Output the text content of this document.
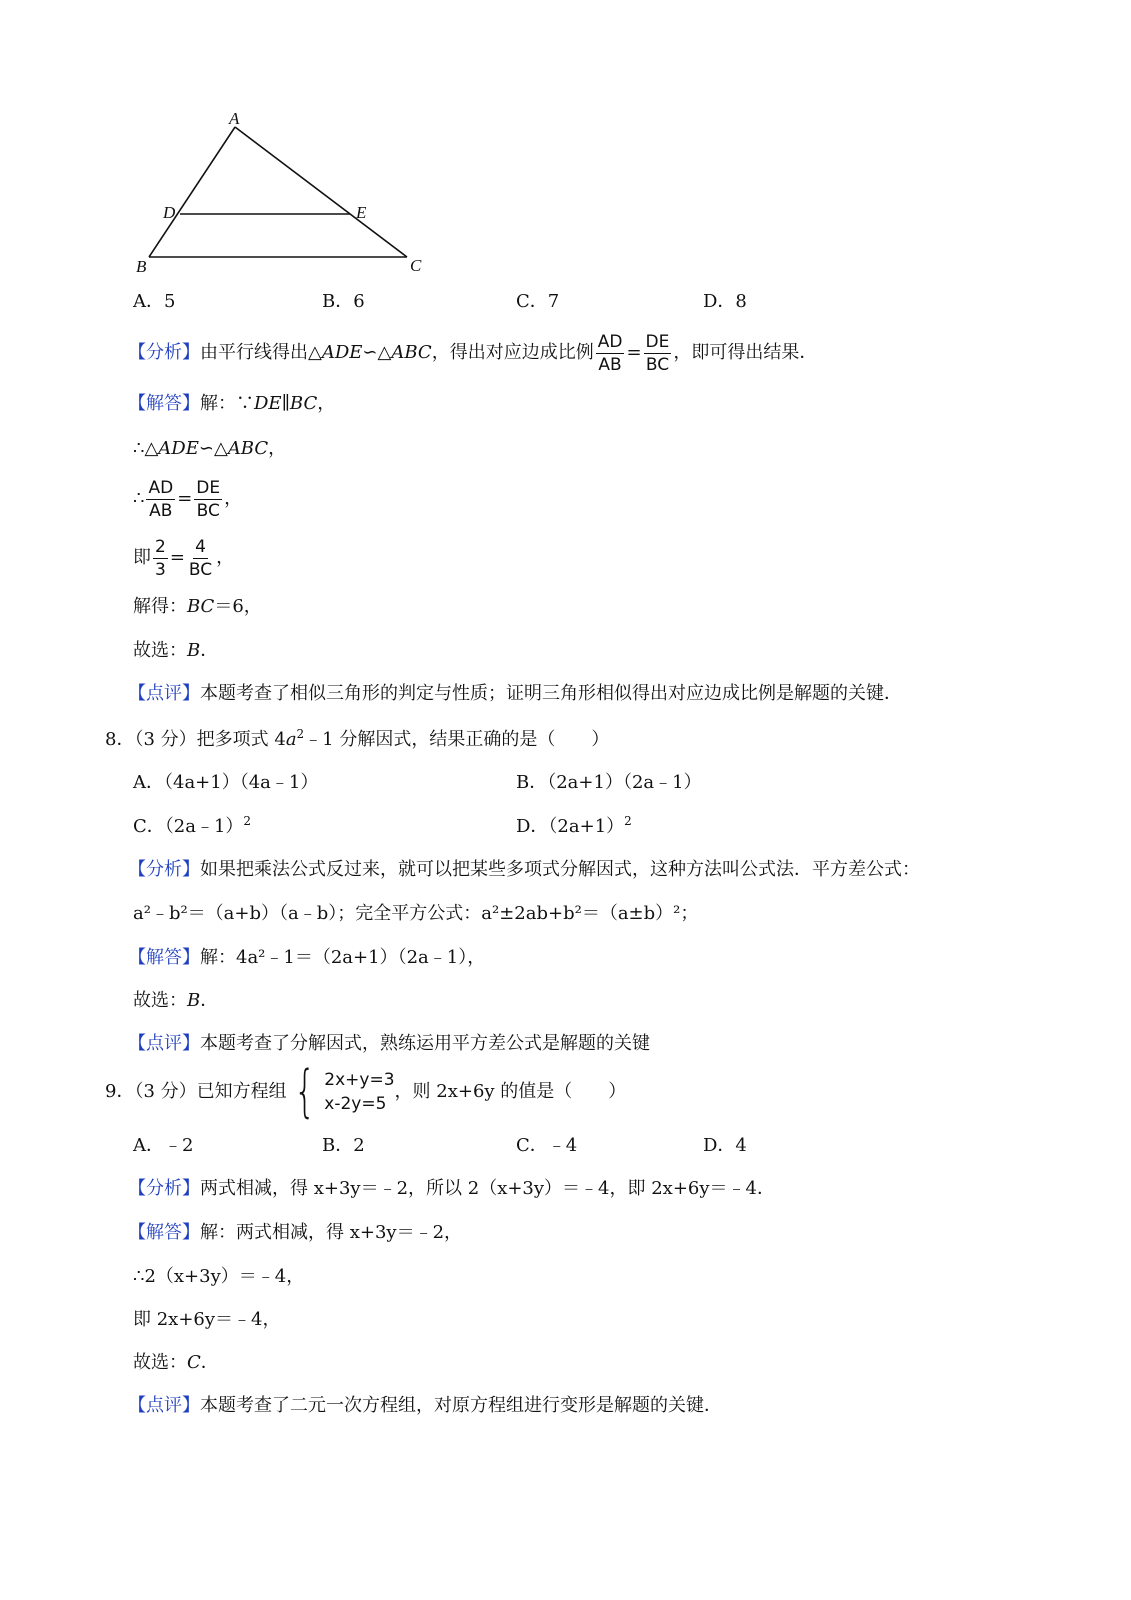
A
D	E
B	C
A．5	B．6	C．7	D．8
【分析】由平行线得出△ADE∽△ABC，得出对应边成比例 $\frac{AD}{AB} = \frac{DE}{BC}$ ，即可得出结果．
【解答】解：∵DE∥BC，
∴△ADE∽△ABC，
∴ $\frac{AD}{AB} = \frac{DE}{BC}$ ，
即 $\frac{2}{3} = \frac{4}{BC}$ ，
解得：BC＝6，
故选：B．
【点评】本题考查了相似三角形的判定与性质；证明三角形相似得出对应边成比例是解题的关键．
8．（3 分）把多项式 $4a^2﹣1$ 分解因式，结果正确的是（　　）
A．（4a+1）（4a﹣1）	B．（2a+1）（2a﹣1）
C．（2a﹣1）$^2$	D．$(2a+1)^2$
【分析】如果把乘法公式反过来，就可以把某些多项式分解因式，这种方法叫公式法．平方差公式：
a²﹣b²＝（a+b）（a﹣b）；完全平方公式：a²±2ab+b²＝（a±b）²；
【解答】解：4a²﹣1＝（2a+1）（2a﹣1），
故选：B．
【点评】本题考查了分解因式，熟练运用平方差公式是解题的关键
9．（3 分）已知方程组 { 2x+y=3
x-2y=5
，则 2x+6y 的值是（　　）
A．﹣2	B．2	C．﹣4	D．4
【分析】两式相减，得 x+3y＝﹣2，所以 2（x+3y）＝﹣4，即 2x+6y＝﹣4．
【解答】解：两式相减，得 x+3y＝﹣2，
∴2（x+3y）＝﹣4，
即 2x+6y＝﹣4，
故选：C．
【点评】本题考查了二元一次方程组，对原方程组进行变形是解题的关键．
